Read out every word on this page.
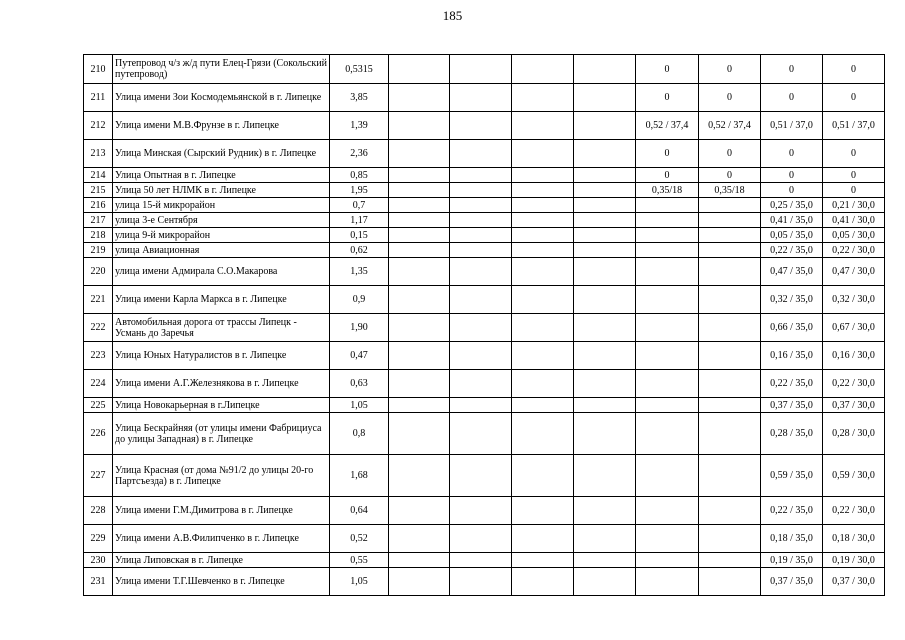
185
210	Путепровод ч/з ж/д пути Елец-Грязи (Сокольский путепровод)	0,5315					0	0	0	0
211	Улица имени Зои Космодемьянской в г. Липецке	3,85					0	0	0	0
212	Улица имени М.В.Фрунзе в г. Липецке	1,39					0,52 / 37,4	0,52 / 37,4	0,51 / 37,0	0,51 / 37,0
213	Улица Минская (Сырский Рудник) в г. Липецке	2,36					0	0	0	0
214	Улица Опытная в г. Липецке	0,85					0	0	0	0
215	Улица 50 лет НЛМК в г. Липецке	1,95					0,35/18	0,35/18	0	0
216	улица 15-й микрорайон	0,7							0,25 / 35,0	0,21 / 30,0
217	улица 3-е Сентября	1,17							0,41 / 35,0	0,41 / 30,0
218	улица 9-й микрорайон	0,15							0,05 / 35,0	0,05 / 30,0
219	улица Авиационная	0,62							0,22 / 35,0	0,22 / 30,0
220	улица имени Адмирала С.О.Макарова	1,35							0,47 / 35,0	0,47 / 30,0
221	Улица имени Карла Маркса в г. Липецке	0,9							0,32 / 35,0	0,32 / 30,0
222	Автомобильная дорога от трассы Липецк - Усмань до Заречья	1,90							0,66 / 35,0	0,67 / 30,0
223	Улица Юных Натуралистов в г. Липецке	0,47							0,16 / 35,0	0,16 / 30,0
224	Улица имени А.Г.Железнякова в г. Липецке	0,63							0,22 / 35,0	0,22 / 30,0
225	Улица Новокарьерная в г.Липецке	1,05							0,37 / 35,0	0,37 / 30,0
226	Улица Бескрайняя (от улицы имени Фабрициуса до улицы Западная) в г. Липецке	0,8							0,28 / 35,0	0,28 / 30,0
227	Улица Красная (от дома №91/2 до улицы 20-го Партсъезда) в г. Липецке	1,68							0,59 / 35,0	0,59 / 30,0
228	Улица имени Г.М.Димитрова в г. Липецке	0,64							0,22 / 35,0	0,22 / 30,0
229	Улица имени А.В.Филипченко в г. Липецке	0,52							0,18 / 35,0	0,18 / 30,0
230	Улица Липовская в г. Липецке	0,55							0,19 / 35,0	0,19 / 30,0
231	Улица имени Т.Г.Шевченко в г. Липецке	1,05							0,37 / 35,0	0,37 / 30,0
